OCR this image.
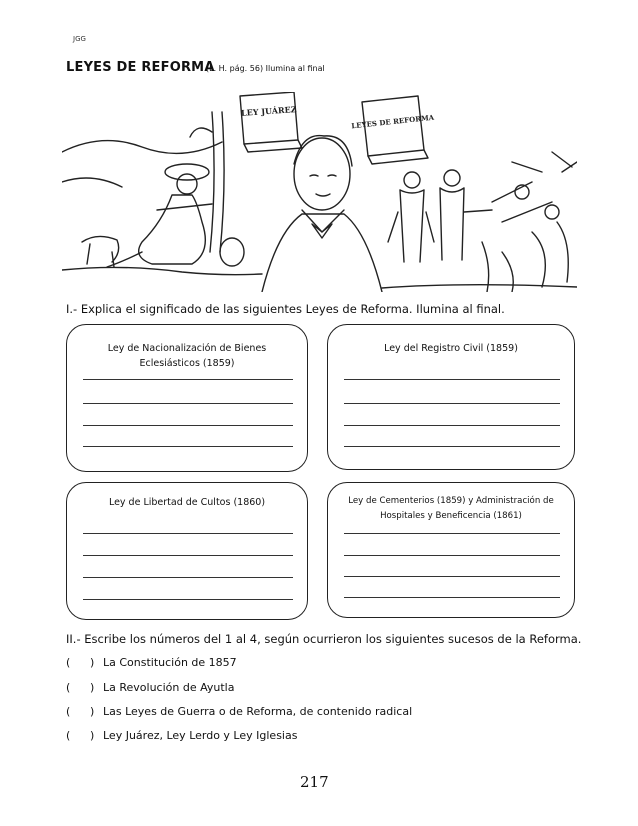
JGG
LEYES DE REFORMA
(L. H. pág. 56) Ilumina al final
LEY JUÁREZ
LEYES DE REFORMA
I.- Explica el significado de las siguientes Leyes de Reforma. Ilumina al final.
Ley de Nacionalización de Bienes
Eclesiásticos (1859)
Ley del Registro Civil (1859)
Ley de Libertad de Cultos (1860)	Ley de Cementerios (1859) y Administración de
Hospitales y Beneficencia (1861)
II.- Escribe los números del 1 al 4, según ocurrieron los siguientes sucesos de la Reforma.
( ) La Constitución de 1857
( ) La Revolución de Ayutla
( ) Las Leyes de Guerra o de Reforma, de contenido radical
( ) Ley Juárez, Ley Lerdo y Ley Iglesias
217
